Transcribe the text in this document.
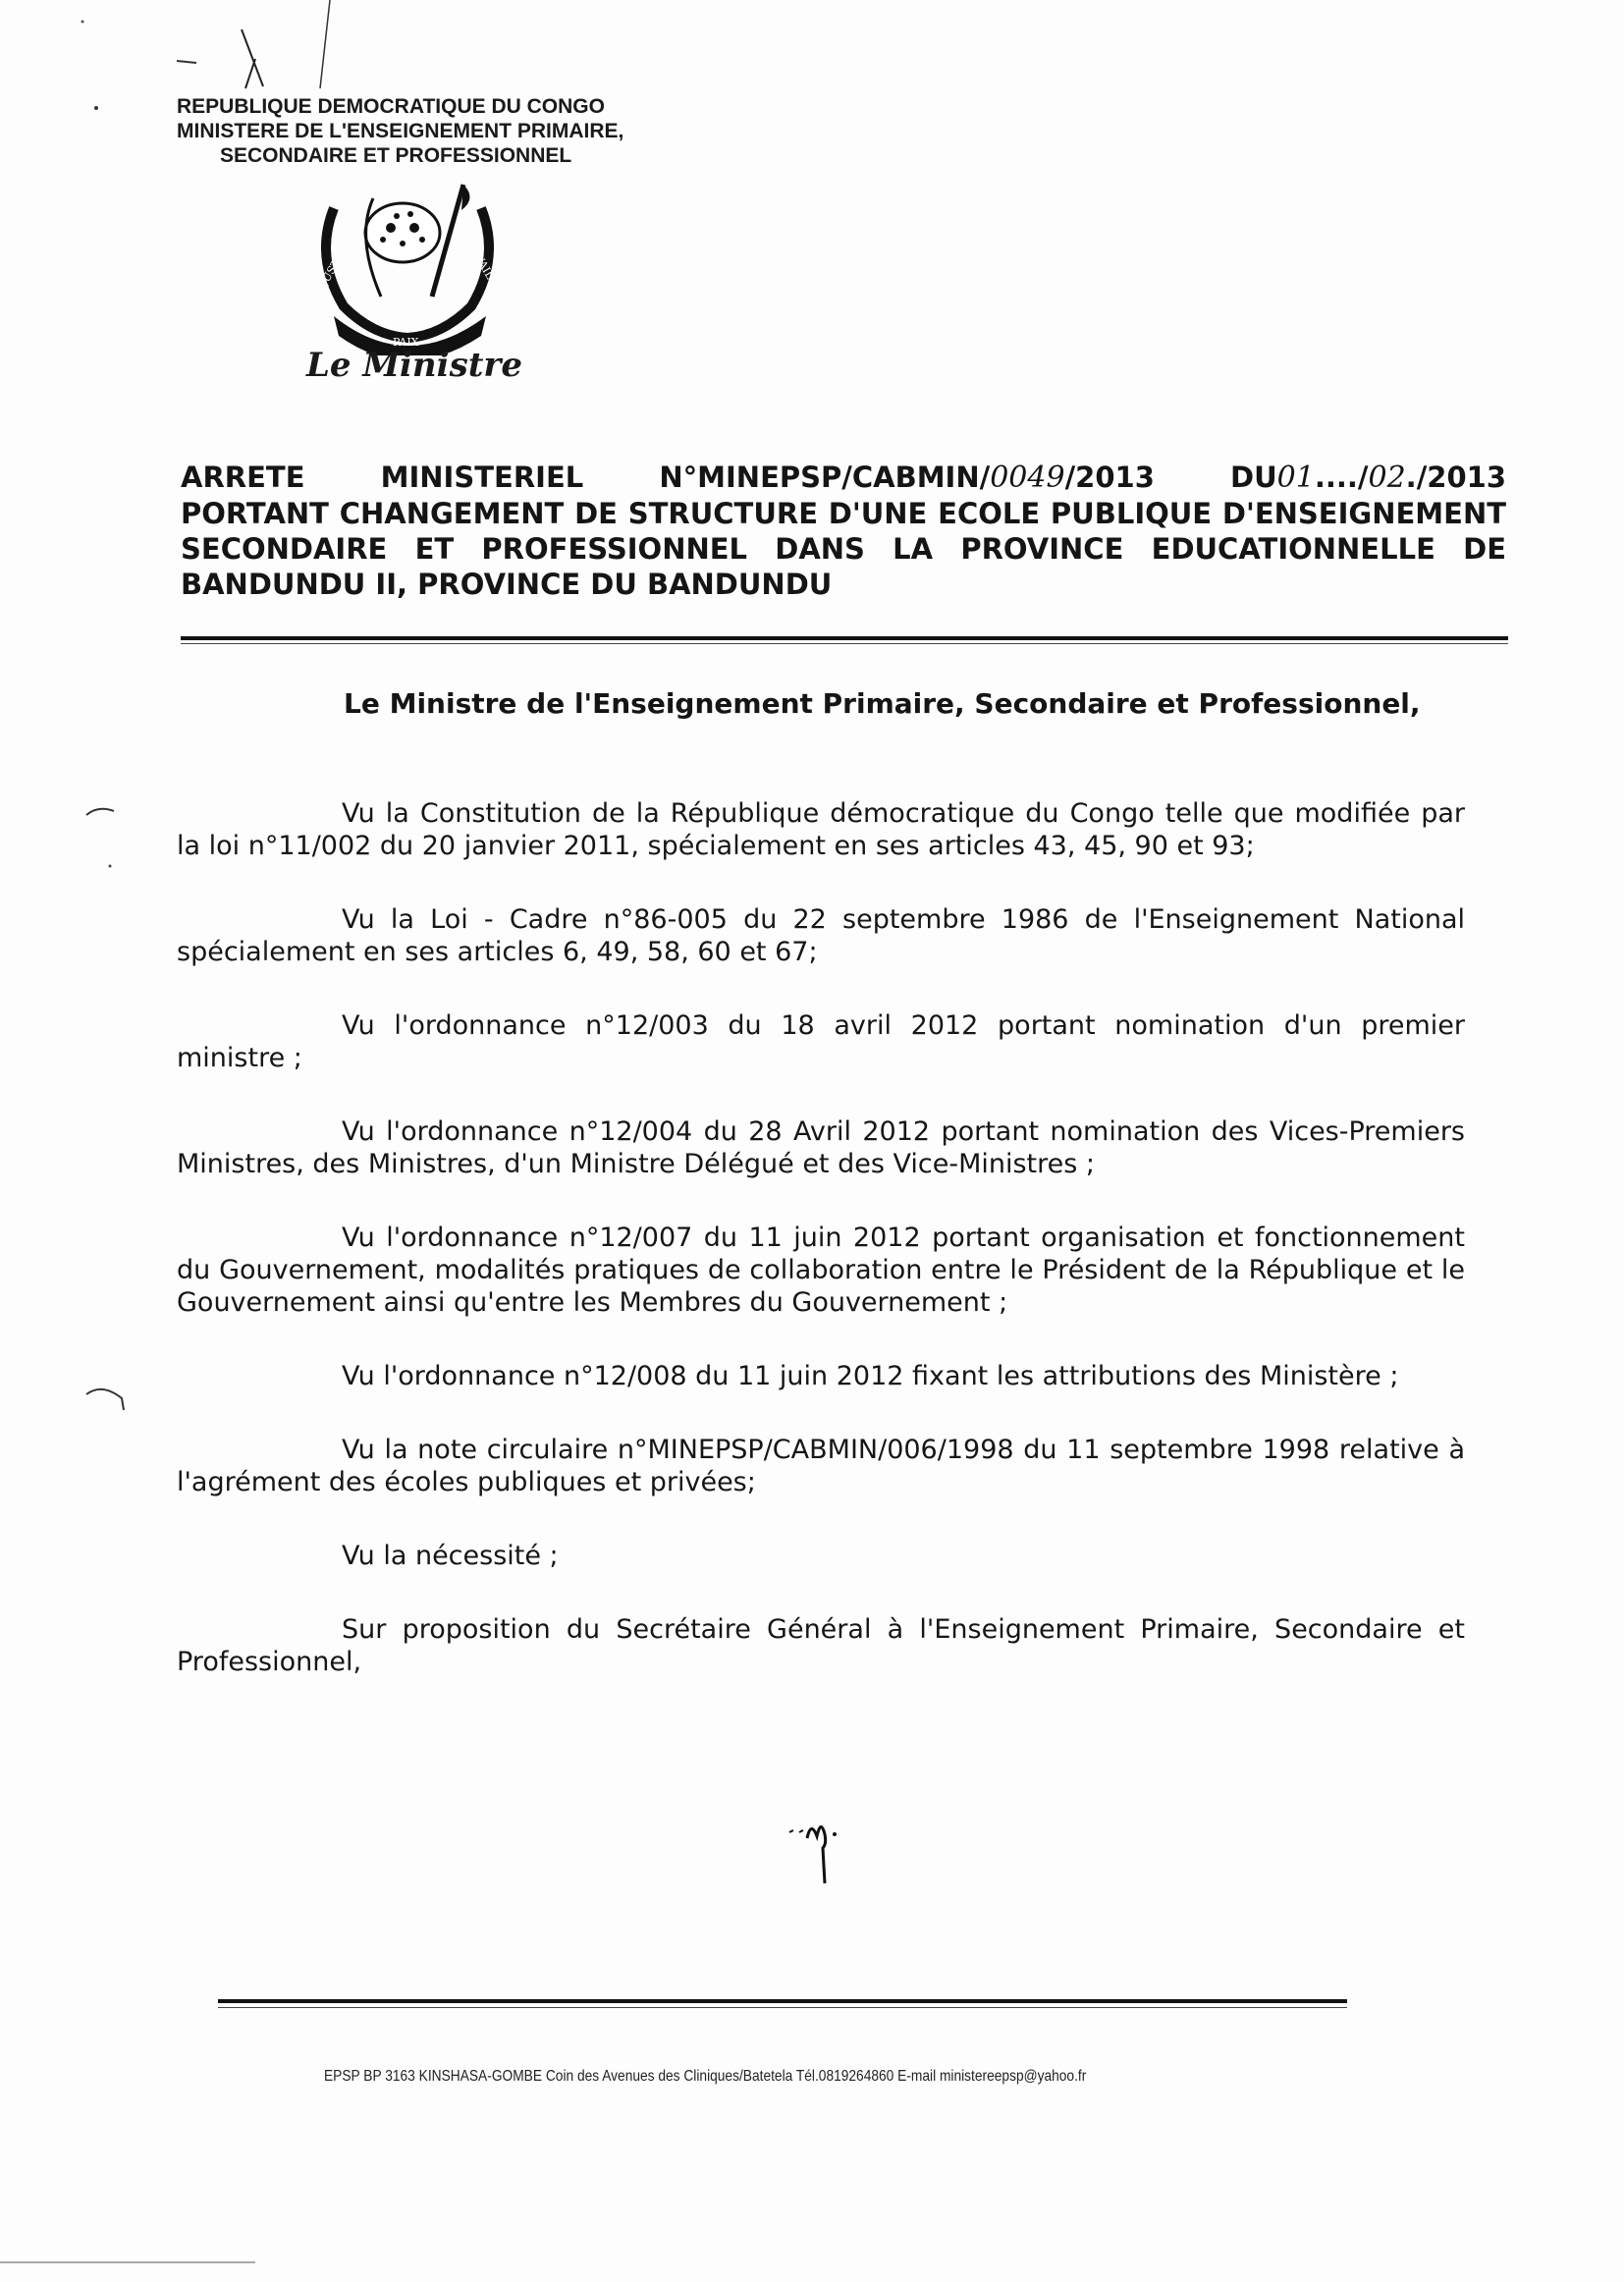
REPUBLIQUE DEMOCRATIQUE DU CONGO
MINISTERE DE L'ENSEIGNEMENT PRIMAIRE,
SECONDAIRE ET PROFESSIONNEL
JUSTICE	TRAVAIL
PAIX
Le Ministre
ARRETE	MINISTERIEL	N°MINEPSP/CABMIN/0049/2013	DU01..../02./2013
PORTANT CHANGEMENT DE STRUCTURE D'UNE ECOLE PUBLIQUE D'ENSEIGNEMENT
SECONDAIRE ET PROFESSIONNEL DANS LA PROVINCE EDUCATIONNELLE DE
BANDUNDU II, PROVINCE DU BANDUNDU
Le Ministre de l'Enseignement Primaire, Secondaire et Professionnel,

Vu la Constitution de la République démocratique du Congo telle que modifiée par la loi n°11/002 du 20 janvier 2011, spécialement en ses articles 43, 45, 90 et 93;

Vu la Loi - Cadre n°86-005 du 22 septembre 1986 de l'Enseignement National spécialement en ses articles 6, 49, 58, 60 et 67;

Vu l'ordonnance n°12/003 du 18 avril 2012 portant nomination d'un premier ministre ;

Vu l'ordonnance n°12/004 du 28 Avril 2012 portant nomination des Vices-Premiers Ministres, des Ministres, d'un Ministre Délégué et des Vice-Ministres ;

Vu l'ordonnance n°12/007 du 11 juin 2012 portant organisation et fonctionnement du Gouvernement, modalités pratiques de collaboration entre le Président de la République et le Gouvernement ainsi qu'entre les Membres du Gouvernement ;

Vu l'ordonnance n°12/008 du 11 juin 2012 fixant les attributions des Ministère ;

Vu la note circulaire n°MINEPSP/CABMIN/006/1998 du 11 septembre 1998 relative à l'agrément des écoles publiques et privées;

Vu la nécessité ;

Sur proposition du Secrétaire Général à l'Enseignement Primaire, Secondaire et Professionnel,

EPSP BP 3163 KINSHASA-GOMBE Coin des Avenues des Cliniques/Batetela Tél.0819264860 E-mail ministereepsp@yahoo.fr
